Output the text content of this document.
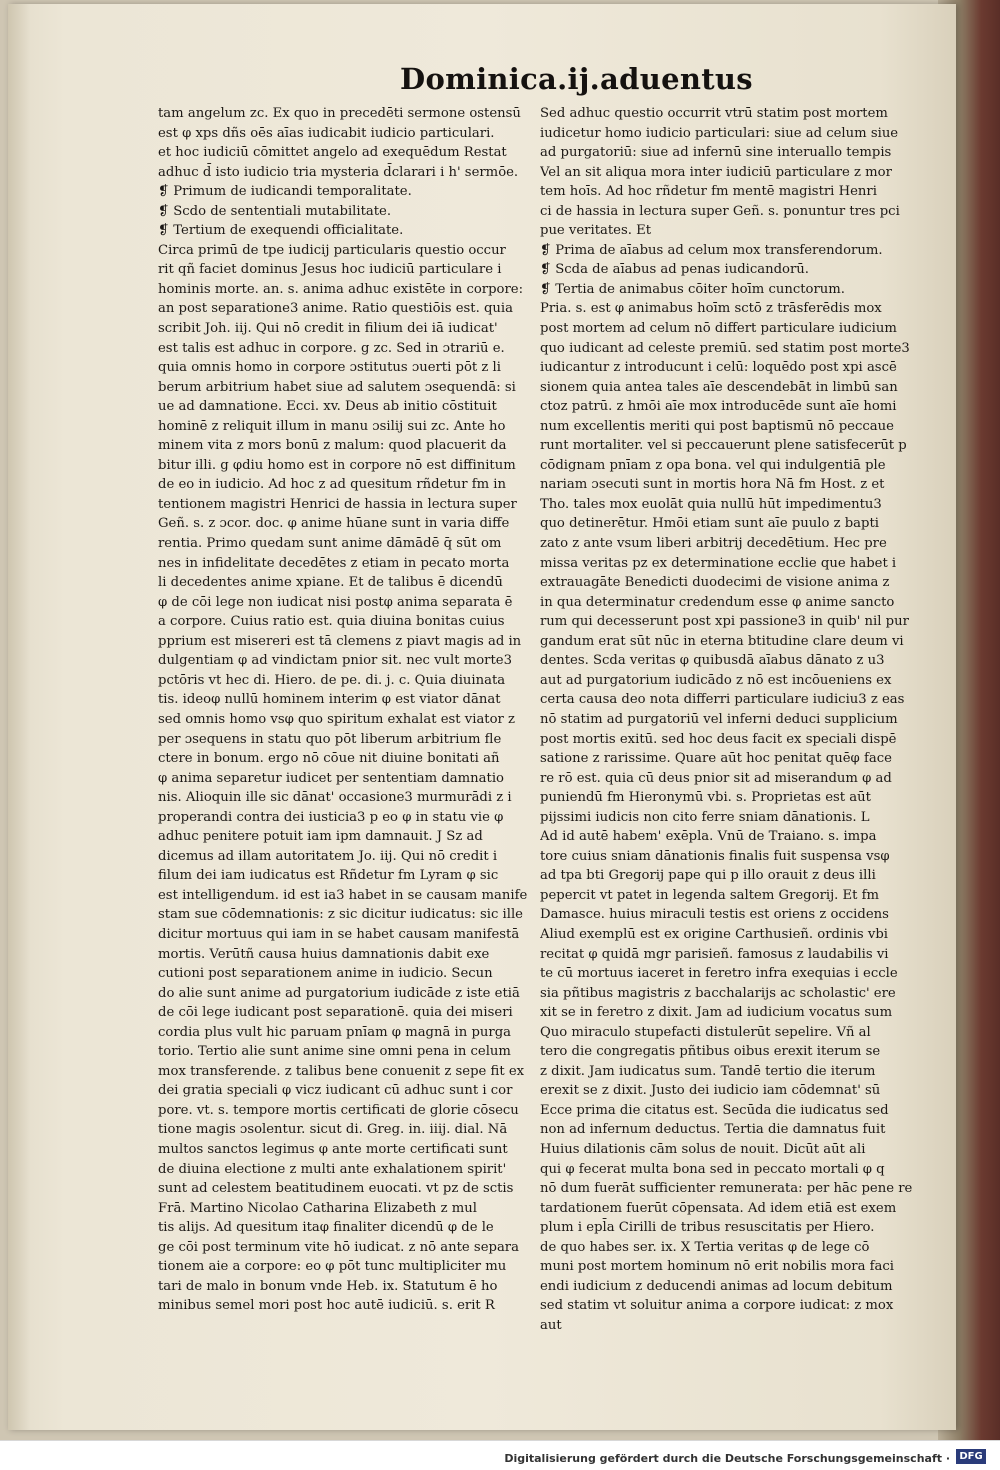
Dominica.ij.aduentus
tam angelum zc. Ex quo in precedēti sermone ostensū
est φ xps dñs oēs aīas iudicabit iudicio particulari.
et hoc iudiciū cōmittet angelo ad exequēdum Restat
adhuc d̄ isto iudicio tria mysteria d̄clarari i h' sermōe.
❡ Primum de iudicandi temporalitate.
❡ Scdo de sententiali mutabilitate.
❡ Tertium de exequendi officialitate.
Circa primū de tpe iudicij particularis questio occur
rit qñ faciet dominus Jesus hoc iudiciū particulare i
hominis morte. an. s. anima adhuc existēte in corpore:
an post separatione3 anime. Ratio questiōis est. quia
scribit Joh. iij. Qui nō credit in filium dei iā iudicat'
est talis est adhuc in corpore. g zc. Sed in ɔtrariū e.
quia omnis homo in corpore ɔstitutus ɔuerti pōt z li
berum arbitrium habet siue ad salutem ɔsequendā: si
ue ad damnatione. Ecci. xv. Deus ab initio cōstituit
hominē z reliquit illum in manu ɔsilij sui zc. Ante ho
minem vita z mors bonū z malum: quod placuerit da
bitur illi. g φdiu homo est in corpore nō est diffinitum
de eo in iudicio. Ad hoc z ad quesitum rñdetur fm in
tentionem magistri Henrici de hassia in lectura super
Geñ. s. z ɔcor. doc. φ anime hūane sunt in varia diffe
rentia. Primo quedam sunt anime dāmādē q̄ sūt om
nes in infidelitate decedētes z etiam in pecato morta
li decedentes anime xpiane. Et de talibus ē dicendū
φ de cōi lege non iudicat nisi postφ anima separata ē
a corpore. Cuius ratio est. quia diuina bonitas cuius
pprium est misereri est tā clemens z piavt magis ad in
dulgentiam φ ad vindictam pnior sit. nec vult morte3
pctōris vt hec di. Hiero. de pe. di. j. c. Quia diuinata
tis. ideoφ nullū hominem interim φ est viator dānat
sed omnis homo vsφ quo spiritum exhalat est viator z
per ɔsequens in statu quo pōt liberum arbitrium fle
ctere in bonum. ergo nō cōue nit diuine bonitati añ
φ anima separetur iudicet per sententiam damnatio
nis. Alioquin ille sic dānat' occasione3 murmurādi z i
properandi contra dei iusticia3 p eo φ in statu vie φ
adhuc penitere potuit iam ipm damnauit. J Sz ad
dicemus ad illam autoritatem Jo. iij. Qui nō credit i
filum dei iam iudicatus est Rñdetur fm Lyram φ sic
est intelligendum. id est ia3 habet in se causam manife
stam sue cōdemnationis: z sic dicitur iudicatus: sic ille
dicitur mortuus qui iam in se habet causam manifestā
mortis. Verūtñ causa huius damnationis dabit exe
cutioni post separationem anime in iudicio. Secun
do alie sunt anime ad purgatorium iudicāde z iste etiā
de cōi lege iudicant post separationē. quia dei miseri
cordia plus vult hic paruam pnīam φ magnā in purga
torio. Tertio alie sunt anime sine omni pena in celum
mox transferende. z talibus bene conuenit z sepe fit ex
dei gratia speciali φ vicz iudicant cū adhuc sunt i cor
pore. vt. s. tempore mortis certificati de glorie cōsecu
tione magis ɔsolentur. sicut di. Greg. in. iiij. dial. Nā
multos sanctos legimus φ ante morte certificati sunt
de diuina electione z multi ante exhalationem spirit'
sunt ad celestem beatitudinem euocati. vt pz de sctis
Frā. Martino Nicolao Catharina Elizabeth z mul
tis alijs. Ad quesitum itaφ finaliter dicendū φ de le
ge cōi post terminum vite hō iudicat. z nō ante separa
tionem aie a corpore: eo φ pōt tunc multipliciter mu
tari de malo in bonum vnde Heb. ix. Statutum ē ho
minibus semel mori post hoc autē iudiciū. s. erit R
Sed adhuc questio occurrit vtrū statim post mortem
iudicetur homo iudicio particulari: siue ad celum siue
ad purgatoriū: siue ad infernū sine interuallo tempis
Vel an sit aliqua mora inter iudiciū particulare z mor
tem hoīs. Ad hoc rñdetur fm mentē magistri Henri
ci de hassia in lectura super Geñ. s. ponuntur tres pci
pue veritates. Et
❡ Prima de aīabus ad celum mox transferendorum.
❡ Scda de aīabus ad penas iudicandorū.
❡ Tertia de animabus cōiter hoīm cunctorum.
Pria. s. est φ animabus hoīm sctō z trāsferēdis mox
post mortem ad celum nō differt particulare iudicium
quo iudicant ad celeste premiū. sed statim post morte3
iudicantur z introducunt i celū: loquēdo post xpi ascē
sionem quia antea tales aīe descendebāt in limbū san
ctoz patrū. z hmōi aīe mox introducēde sunt aīe homi
num excellentis meriti qui post baptismū nō peccaue
runt mortaliter. vel si peccauerunt plene satisfecerūt p
cōdignam pnīam z opa bona. vel qui indulgentiā ple
nariam ɔsecuti sunt in mortis hora Nā fm Host. z et
Tho. tales mox euolāt quia nullū hūt impedimentu3
quo detinerētur. Hmōi etiam sunt aīe puulo z bapti
zato z ante vsum liberi arbitrij decedētium. Hec pre
missa veritas pz ex determinatione ecclie que habet i
extrauagāte Benedicti duodecimi de visione anima z
in qua determinatur credendum esse φ anime sancto
rum qui decesserunt post xpi passione3 in quib' nil pur
gandum erat sūt nūc in eterna btitudine clare deum vi
dentes. Scda veritas φ quibusdā aīabus dānato z u3
aut ad purgatorium iudicādo z nō est incōueniens ex
certa causa deo nota differri particulare iudiciu3 z eas
nō statim ad purgatoriū vel inferni deduci supplicium
post mortis exitū. sed hoc deus facit ex speciali dispē
satione z rarissime. Quare aūt hoc penitat quēφ face
re rō est. quia cū deus pnior sit ad miserandum φ ad
puniendū fm Hieronymū vbi. s. Proprietas est aūt
pijssimi iudicis non cito ferre sniam dānationis. L
Ad id autē habem' exēpla. Vnū de Traiano. s. impa
tore cuius sniam dānationis finalis fuit suspensa vsφ
ad tpa bti Gregorij pape qui p illo orauit z deus illi
pepercit vt patet in legenda saltem Gregorij. Et fm
Damasce. huius miraculi testis est oriens z occidens
Aliud exemplū est ex origine Carthusieñ. ordinis vbi
recitat φ quidā mgr parisieñ. famosus z laudabilis vi
te cū mortuus iaceret in feretro infra exequias i eccle
sia pñtibus magistris z bacchalarijs ac scholastic' ere
xit se in feretro z dixit. Jam ad iudicium vocatus sum
Quo miraculo stupefacti distulerūt sepelire. Vñ al
tero die congregatis pñtibus oibus erexit iterum se
z dixit. Jam iudicatus sum. Tandē tertio die iterum
erexit se z dixit. Justo dei iudicio iam cōdemnat' sū
Ecce prima die citatus est. Secūda die iudicatus sed
non ad infernum deductus. Tertia die damnatus fuit
Huius dilationis cām solus de nouit. Dicūt aūt ali
qui φ fecerat multa bona sed in peccato mortali φ q
nō dum fuerāt sufficienter remunerata: per hāc pene re
tardationem fuerūt cōpensata. Ad idem etiā est exem
plum i epl̄a Cirilli de tribus resuscitatis per Hiero.
de quo habes ser. ix. X Tertia veritas φ de lege cō
muni post mortem hominum nō erit nobilis mora faci
endi iudicium z deducendi animas ad locum debitum
sed statim vt soluitur anima a corpore iudicat: z mox
aut
Digitalisierung gefördert durch die Deutsche Forschungsgemeinschaft · DFG
